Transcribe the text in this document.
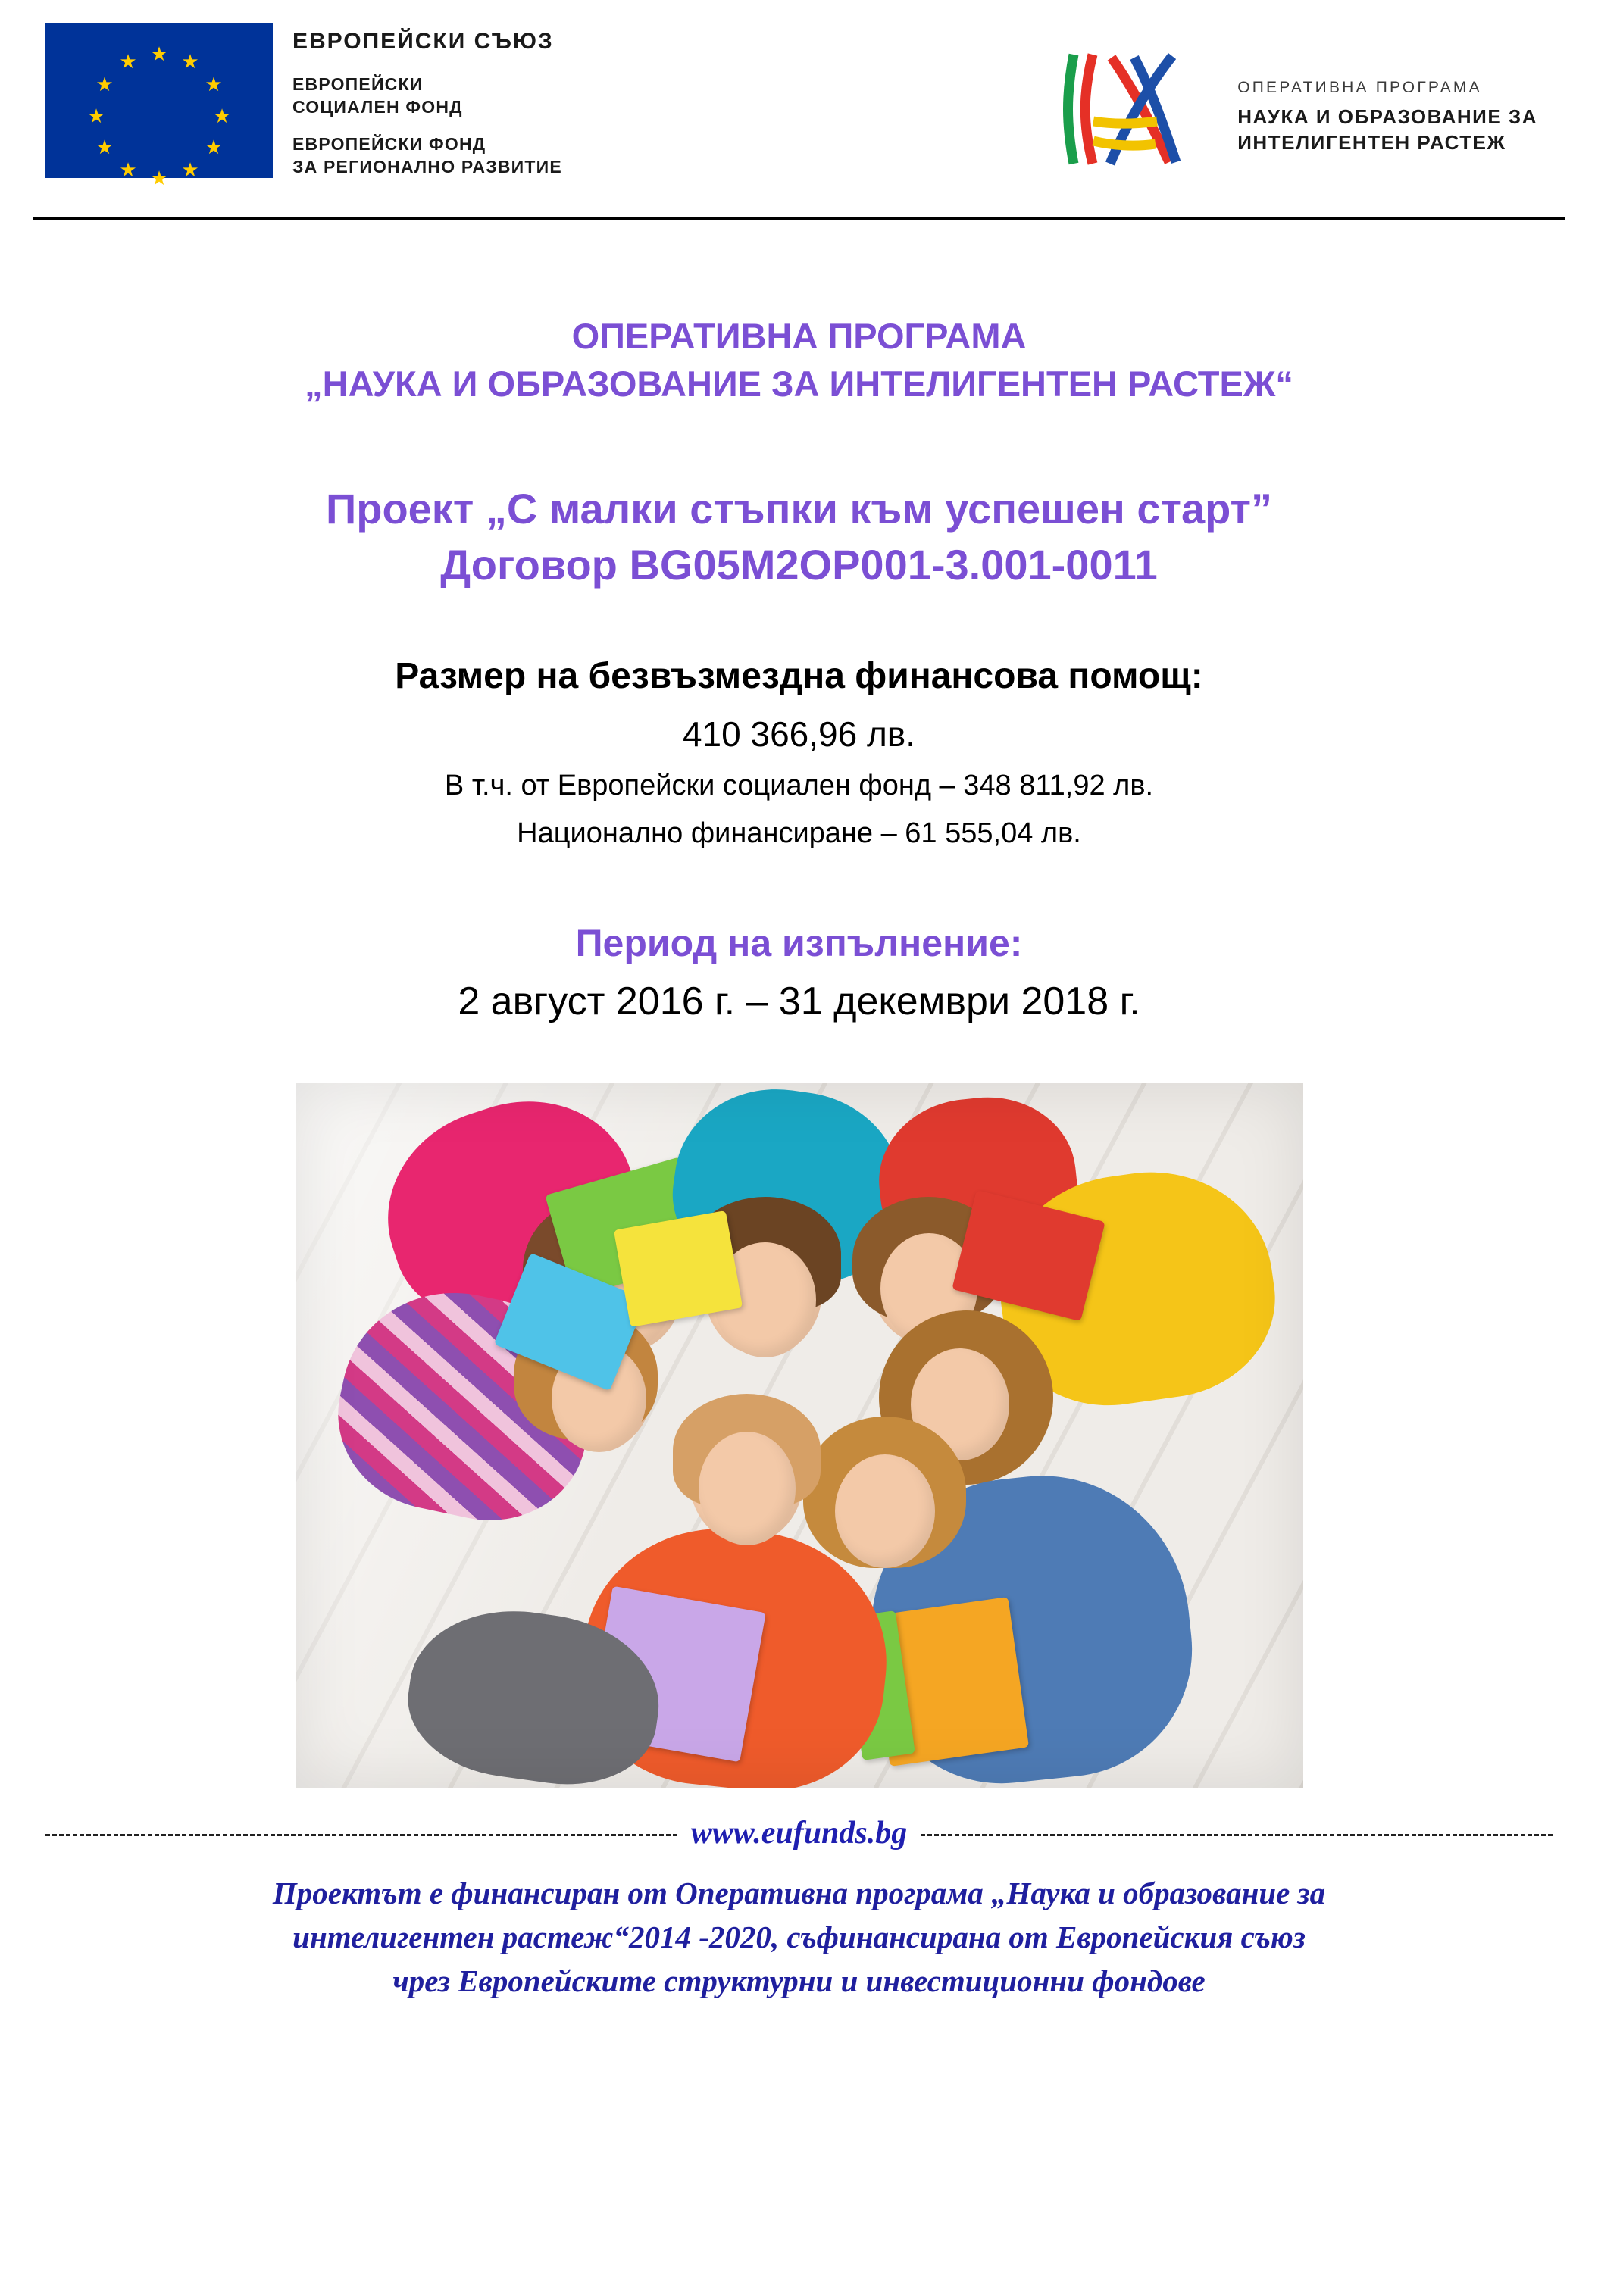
★ ★
★
★
★
★
★
★
★
★
★
★
ЕВРОПЕЙСКИ СЪЮЗ
ЕВРОПЕЙСКИ
СОЦИАЛЕН ФОНД
ЕВРОПЕЙСКИ ФОНД
ЗА РЕГИОНАЛНО РАЗВИТИЕ
ОПЕРАТИВНА ПРОГРАМА
НАУКА И ОБРАЗОВАНИЕ ЗА
ИНТЕЛИГЕНТЕН РАСТЕЖ
ОПЕРАТИВНА ПРОГРАМА
„НАУКА И ОБРАЗОВАНИЕ ЗА ИНТЕЛИГЕНТЕН РАСТЕЖ“
Проект „С малки стъпки към успешен старт”
Договор BG05M2OP001-3.001-0011
Размер на безвъзмездна финансова помощ:
410 366,96 лв.
В т.ч. от Европейски социален фонд – 348 811,92 лв.
Национално финансиране – 61 555,04 лв.
Период на изпълнение:
2 август 2016 г. – 31 декември 2018 г.
www.eufunds.bg
Проектът е финансиран от Оперативна програма „Наука и образование за
интелигентен растеж“2014 -2020, съфинансирана от Европейския съюз
чрез Европейските структурни и инвестиционни фондове
